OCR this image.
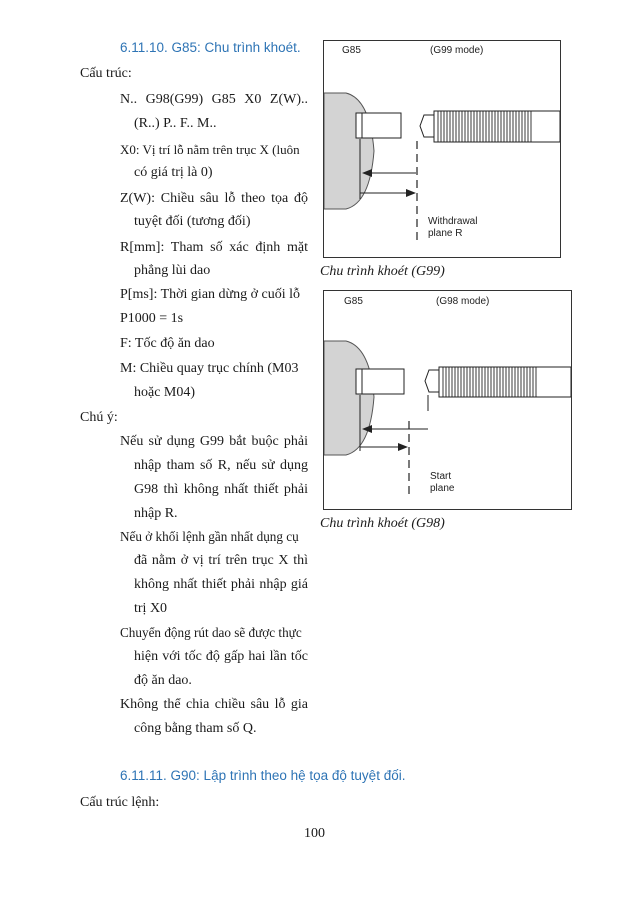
6.11.10. G85: Chu trình khoét.
Cấu trúc:
N.. G98(G99) G85 X0 Z(W)..
(R..) P.. F.. M..
X0: Vị trí lỗ nằm trên trục X (luôn
có giá trị là 0)
Z(W): Chiều sâu lỗ theo tọa độ
tuyệt đối (tương đối)
R[mm]: Tham số xác định mặt
phẳng lùi dao
P[ms]: Thời gian dừng ở cuối lỗ
P1000 = 1s
F: Tốc độ ăn dao
M: Chiều quay trục chính (M03
hoặc M04)
Chú ý:
Nếu sử dụng G99 bắt buộc phải
nhập tham số R, nếu sử dụng
G98 thì không nhất thiết phải
nhập R.
Nếu ở khối lệnh gần nhất dụng cụ
đã nằm ở vị trí trên trục X thì
không nhất thiết phải nhập giá
trị X0
Chuyển động rút dao sẽ được thực
hiện với tốc độ gấp hai lần tốc
độ ăn dao.
Không thể chia chiều sâu lỗ gia
công bằng tham số Q.
G85	(G99 mode)
Withdrawal
plane R
Chu trình khoét (G99)
G85	(G98 mode)
Start
plane
Chu trình khoét (G98)
6.11.11. G90: Lập trình theo hệ tọa độ tuyệt đối.
Cấu trúc lệnh:
100
